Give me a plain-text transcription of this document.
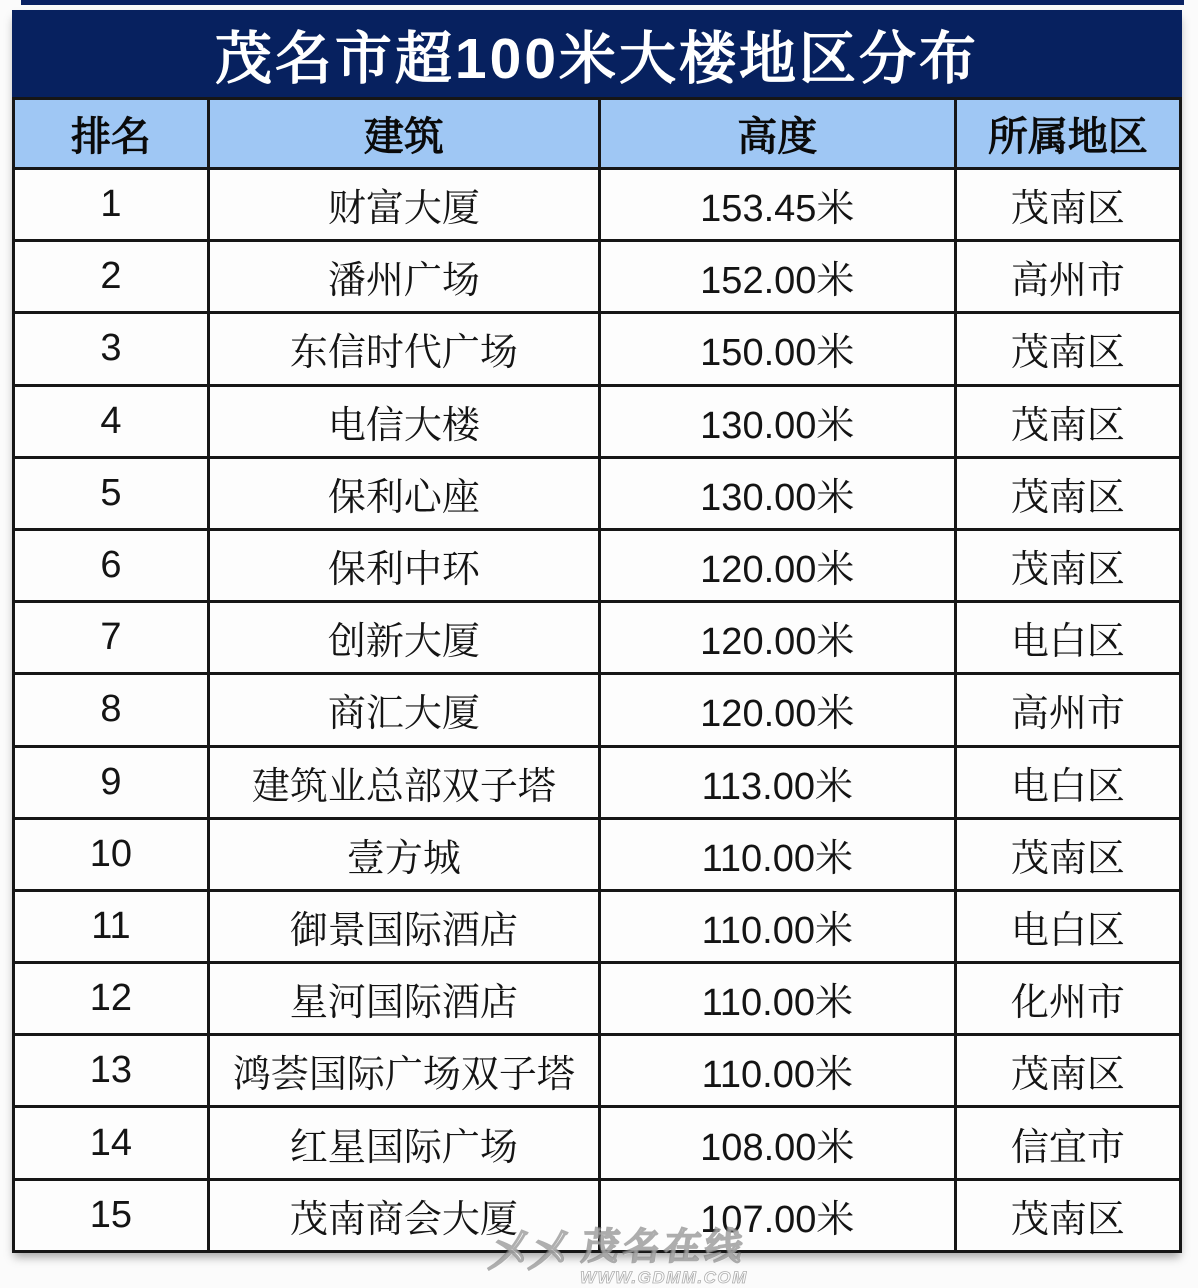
茂名市超100米大楼地区分布
排名	建筑	高度	所属地区
1	财富大厦	153.45米	茂南区
2	潘州广场	152.00米	高州市
3	东信时代广场	150.00米	茂南区
4	电信大楼	130.00米	茂南区
5	保利心座	130.00米	茂南区
6	保利中环	120.00米	茂南区
7	创新大厦	120.00米	电白区
8	商汇大厦	120.00米	高州市
9	建筑业总部双子塔	113.00米	电白区
10	壹方城	110.00米	茂南区
11	御景国际酒店	110.00米	电白区
12	星河国际酒店	110.00米	化州市
13	鸿荟国际广场双子塔	110.00米	茂南区
14	红星国际广场	108.00米	信宜市
15	茂南商会大厦	107.00米	茂南区
㐅㐅 茂名在线
WWW.GDMM.COM
